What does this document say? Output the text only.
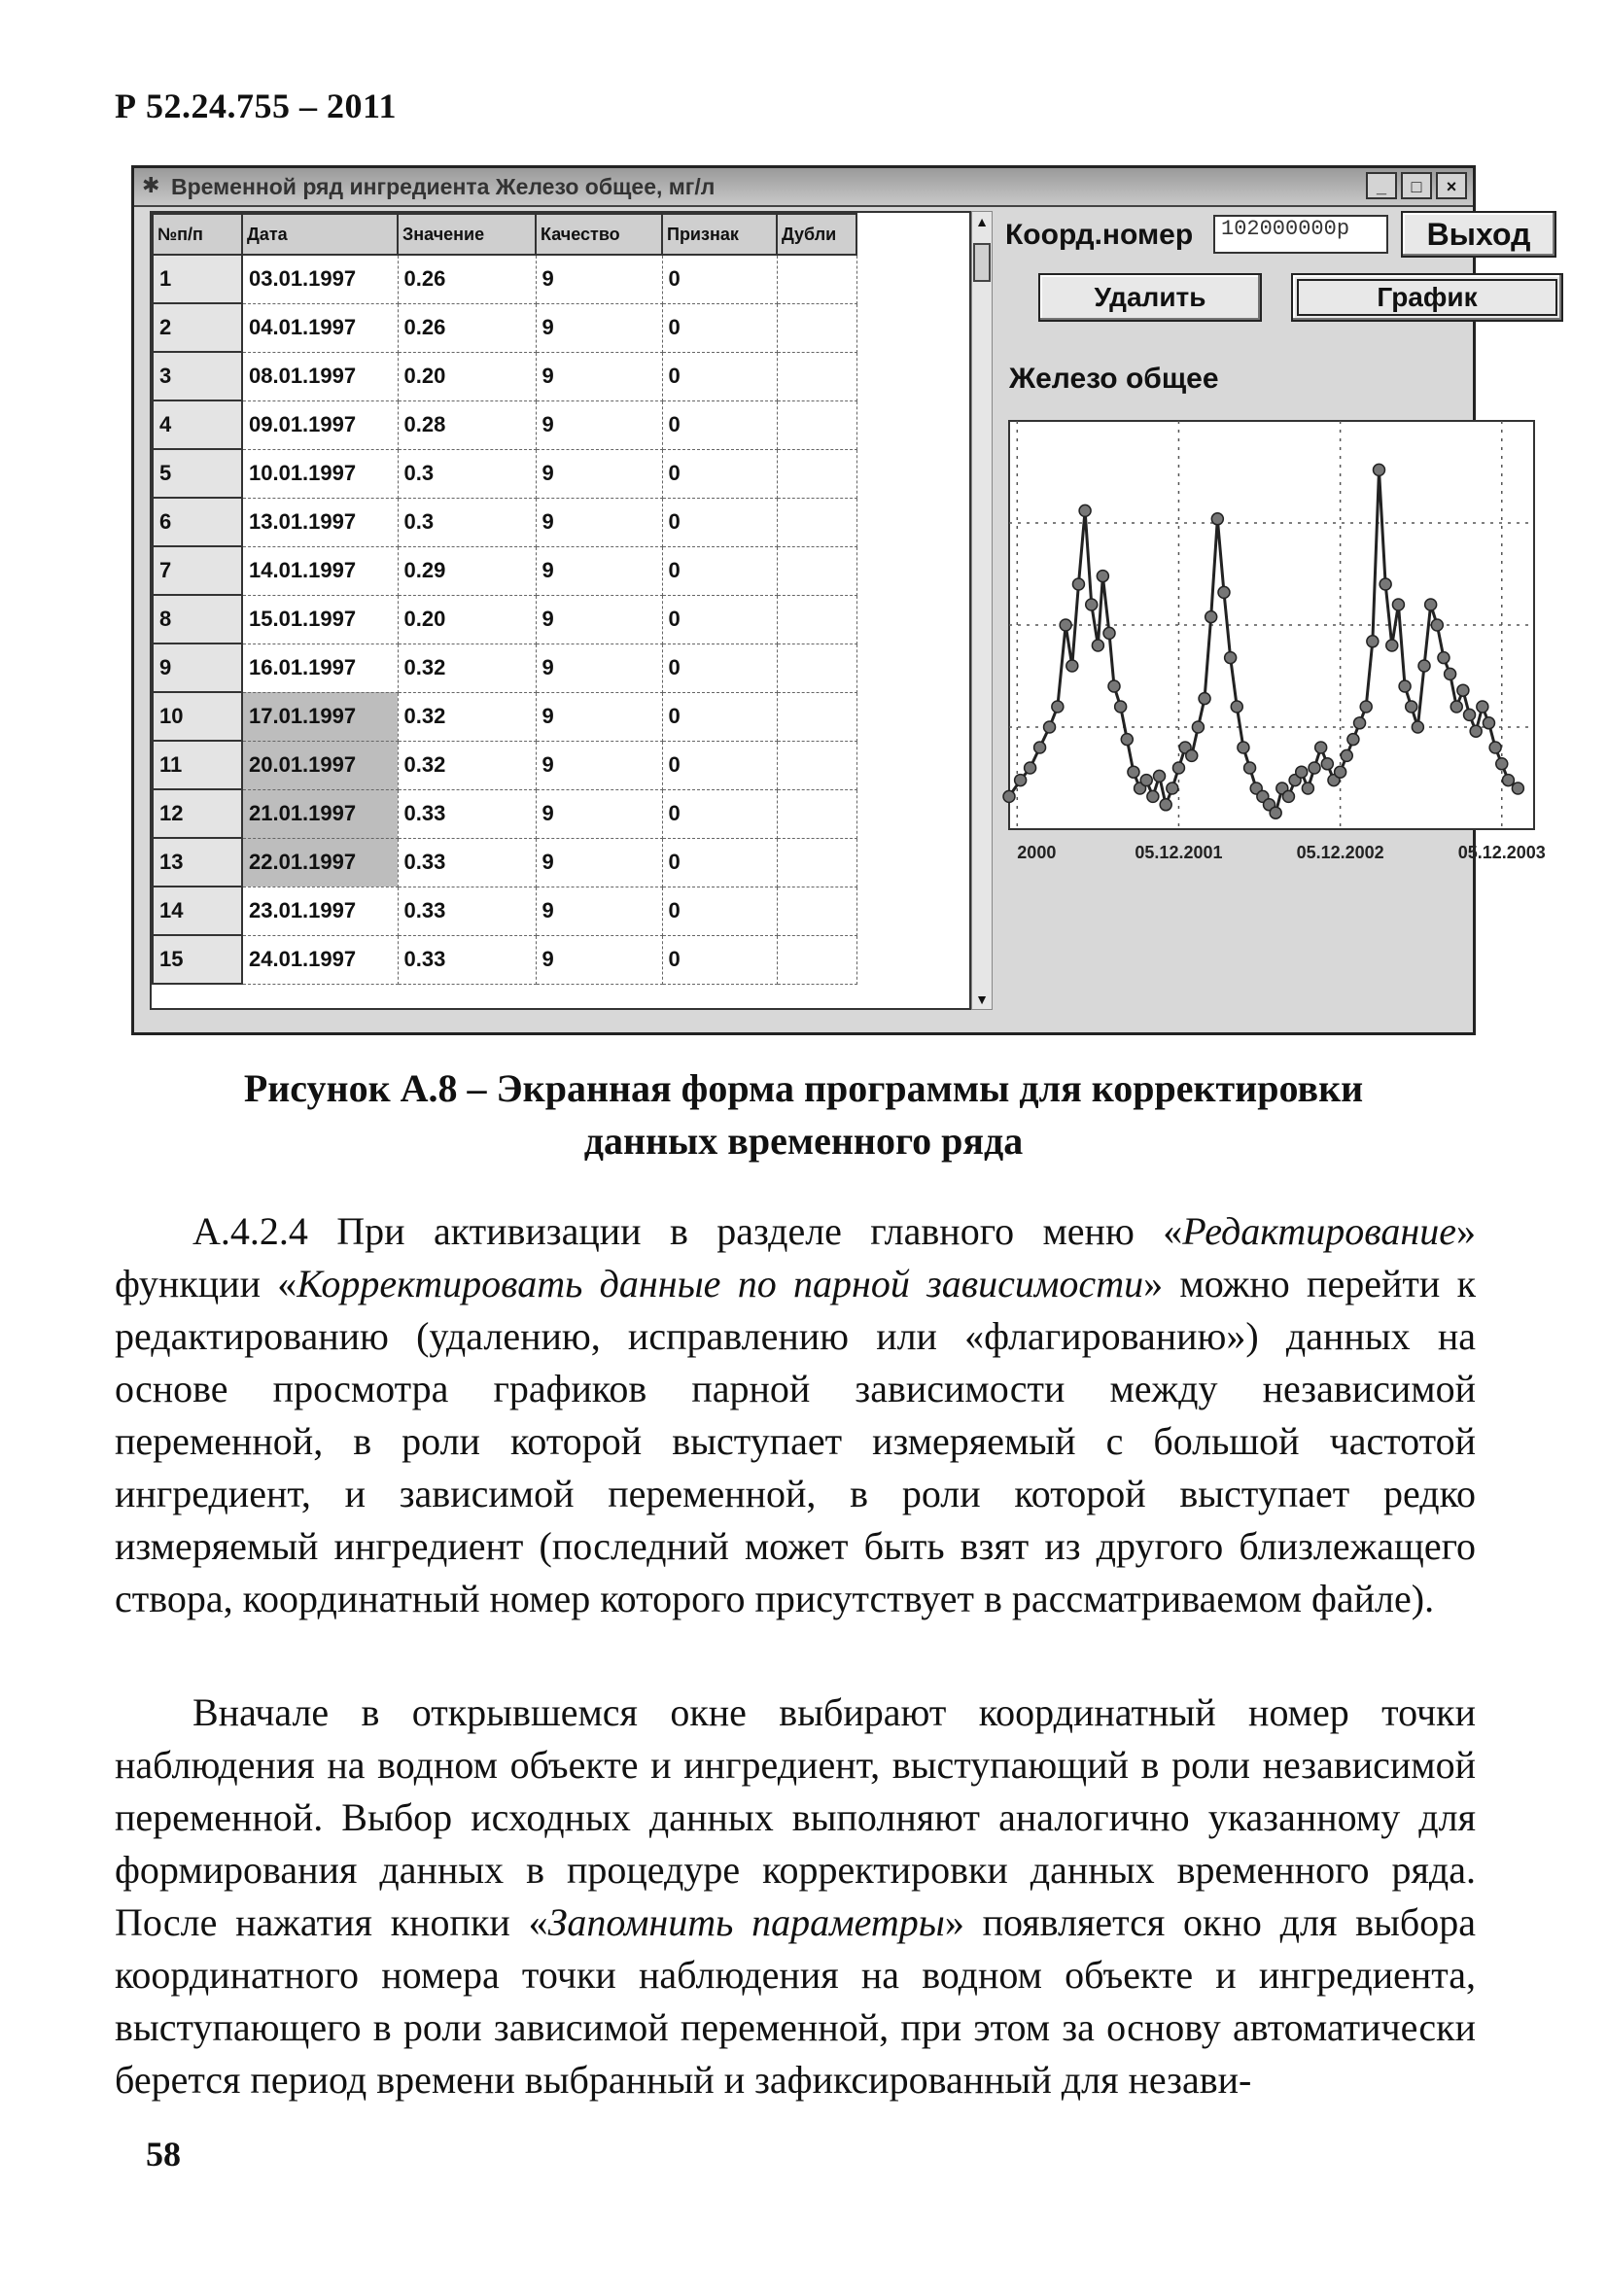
Р 52.24.755 – 2011
✱ Временной ряд ингредиента Железо общее, мг/л	_	□	×
№п/п	Дата	Значение	Качество	Признак	Дубли
1	03.01.1997	0.26	9	0	
2	04.01.1997	0.26	9	0	
3	08.01.1997	0.20	9	0	
4	09.01.1997	0.28	9	0	
5	10.01.1997	0.3	9	0	
6	13.01.1997	0.3	9	0	
7	14.01.1997	0.29	9	0	
8	15.01.1997	0.20	9	0	
9	16.01.1997	0.32	9	0	
10	17.01.1997	0.32	9	0	
11	20.01.1997	0.32	9	0	
12	21.01.1997	0.33	9	0	
13	22.01.1997	0.33	9	0	
14	23.01.1997	0.33	9	0	
15	24.01.1997	0.33	9	0	
▲
▼
Коорд.номер	102000000р	Выход
Удалить	График
Железо общее
2000	05.12.2001	05.12.2002	05.12.2003
Рисунок А.8 – Экранная форма программы для корректировки
данных временного ряда
А.4.2.4 При активизации в разделе главного меню «Редактирование» функции «Корректировать данные по парной зависимости» можно перейти к редактированию (удалению, исправлению или «флагированию») данных на основе просмотра графиков парной зависимости между независимой переменной, в роли которой выступает измеряемый с большой частотой ингредиент, и зависимой переменной, в роли которой выступает редко измеряемый ингредиент (последний может быть взят из другого близлежащего створа, координатный номер которого присутствует в рассматриваемом файле).
Вначале в открывшемся окне выбирают координатный номер точки наблюдения на водном объекте и ингредиент, выступающий в роли независимой переменной. Выбор исходных данных выполняют аналогично указанному для формирования данных в процедуре корректировки данных временного ряда. После нажатия кнопки «Запомнить параметры» появляется окно для выбора координатного номера точки наблюдения на водном объекте и ингредиента, выступающего в роли зависимой переменной, при этом за основу автоматически берется период времени выбранный и зафиксированный для незави-
58
